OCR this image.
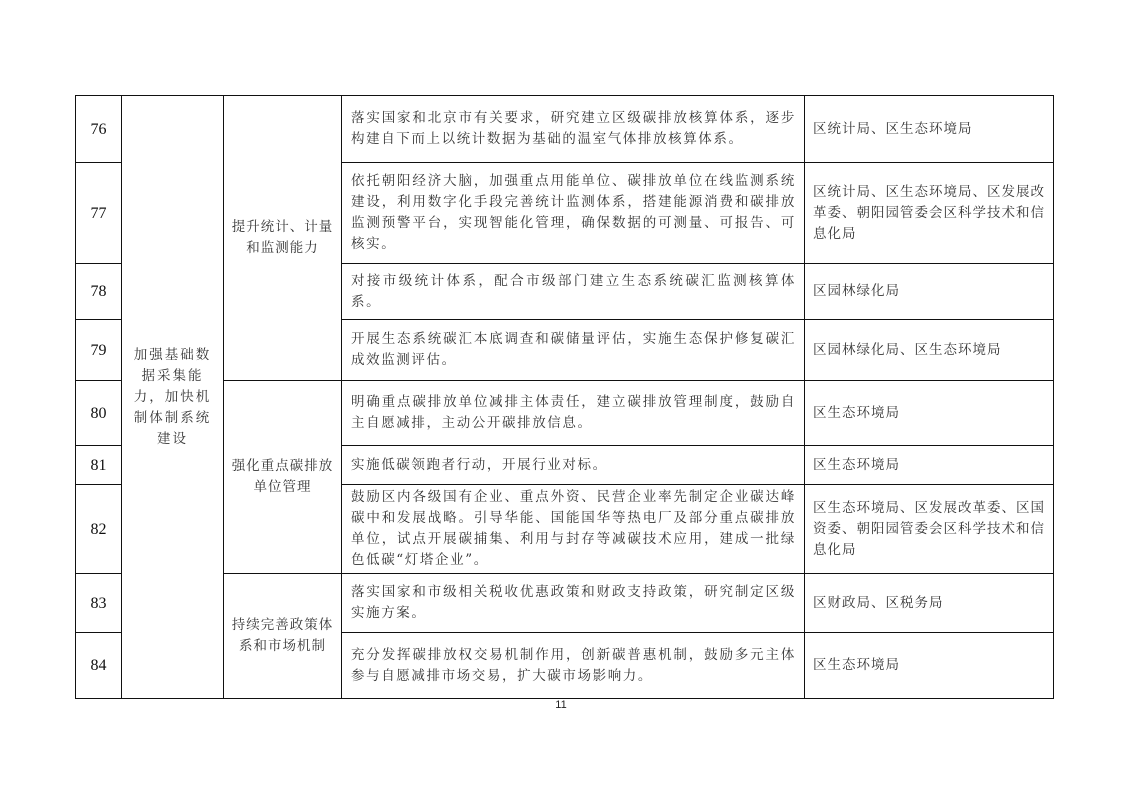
76	加强基础数据采集能力，加快机制体制系统建设	提升统计、计量和监测能力	落实国家和北京市有关要求，研究建立区级碳排放核算体系，逐步构建自下而上以统计数据为基础的温室气体排放核算体系。	区统计局、区生态环境局
77			依托朝阳经济大脑，加强重点用能单位、碳排放单位在线监测系统建设，利用数字化手段完善统计监测体系，搭建能源消费和碳排放监测预警平台，实现智能化管理，确保数据的可测量、可报告、可核实。	区统计局、区生态环境局、区发展改革委、朝阳园管委会区科学技术和信息化局
78			对接市级统计体系，配合市级部门建立生态系统碳汇监测核算体系。	区园林绿化局
79			开展生态系统碳汇本底调查和碳储量评估，实施生态保护修复碳汇成效监测评估。	区园林绿化局、区生态环境局
80		强化重点碳排放单位管理	明确重点碳排放单位减排主体责任，建立碳排放管理制度，鼓励自主自愿减排，主动公开碳排放信息。	区生态环境局
81			实施低碳领跑者行动，开展行业对标。	区生态环境局
82			鼓励区内各级国有企业、重点外资、民营企业率先制定企业碳达峰碳中和发展战略。引导华能、国能国华等热电厂及部分重点碳排放单位，试点开展碳捕集、利用与封存等减碳技术应用，建成一批绿色低碳“灯塔企业”。	区生态环境局、区发展改革委、区国资委、朝阳园管委会区科学技术和信息化局
83		持续完善政策体系和市场机制	落实国家和市级相关税收优惠政策和财政支持政策，研究制定区级实施方案。	区财政局、区税务局
84			充分发挥碳排放权交易机制作用，创新碳普惠机制，鼓励多元主体参与自愿减排市场交易，扩大碳市场影响力。	区生态环境局
11
